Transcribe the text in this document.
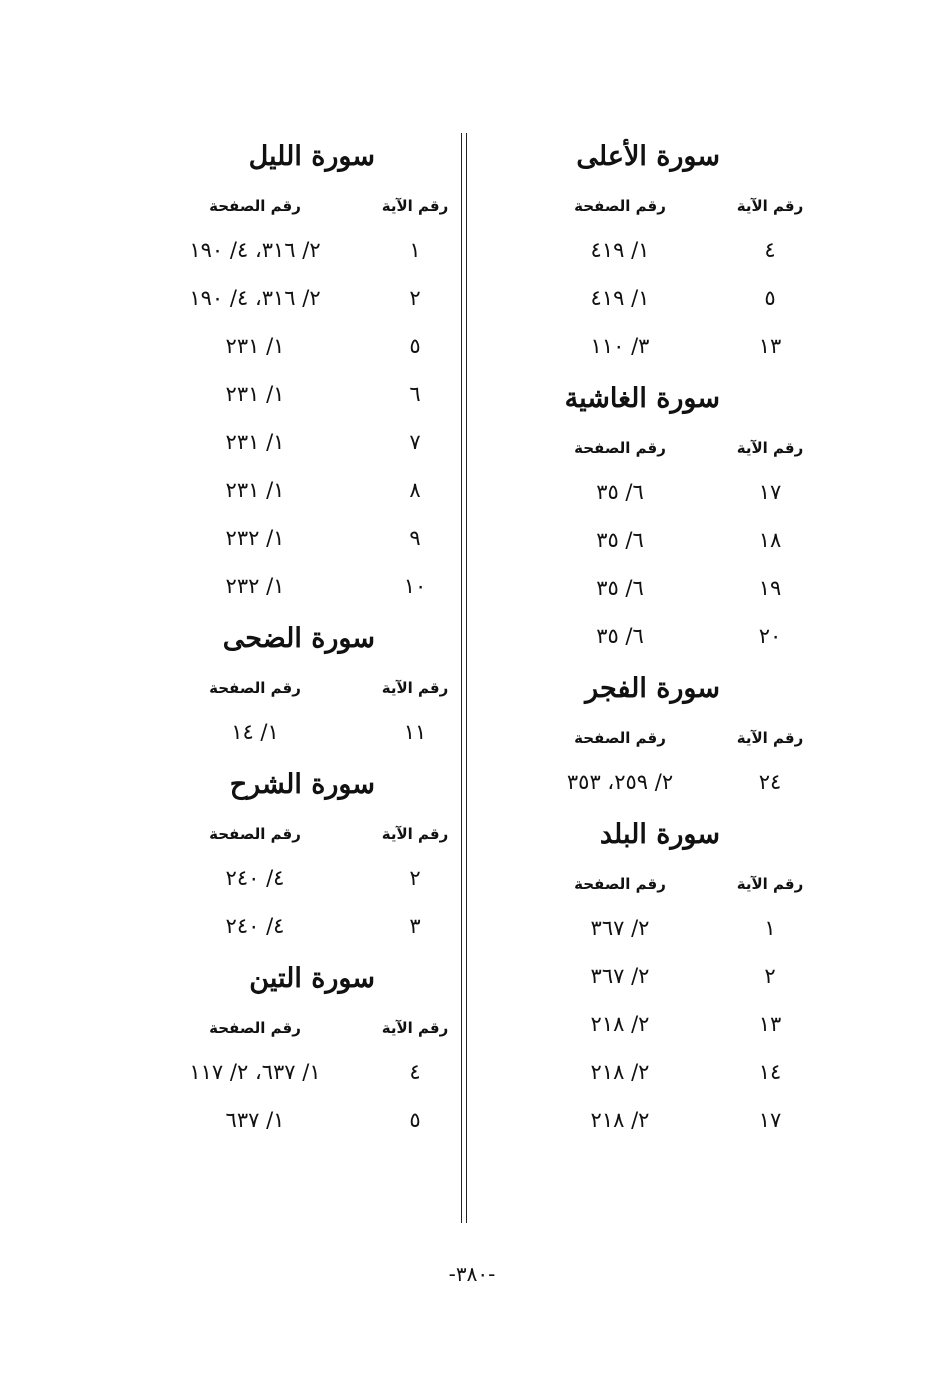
سورة الأعلى
رقم الآية
رقم الصفحة
٤
١/ ٤١٩
٥
١/ ٤١٩
١٣
٣/ ١١٠
سورة الغاشية
رقم الآية
رقم الصفحة
١٧
٦/ ٣٥
١٨
٦/ ٣٥
١٩
٦/ ٣٥
٢٠
٦/ ٣٥
سورة الفجر
رقم الآية
رقم الصفحة
٢٤
٢/ ٢٥٩، ٣٥٣
سورة البلد
رقم الآية
رقم الصفحة
١
٢/ ٣٦٧
٢
٢/ ٣٦٧
١٣
٢/ ٢١٨
١٤
٢/ ٢١٨
١٧
٢/ ٢١٨
سورة الليل
رقم الآية
رقم الصفحة
١
٢/ ٣١٦، ٤/ ١٩٠
٢
٢/ ٣١٦، ٤/ ١٩٠
٥
١/ ٢٣١
٦
١/ ٢٣١
٧
١/ ٢٣١
٨
١/ ٢٣١
٩
١/ ٢٣٢
١٠
١/ ٢٣٢
سورة الضحى
رقم الآية
رقم الصفحة
١١
١/ ١٤
سورة الشرح
رقم الآية
رقم الصفحة
٢
٤/ ٢٤٠
٣
٤/ ٢٤٠
سورة التين
رقم الآية
رقم الصفحة
٤
١/ ٦٣٧، ٢/ ١١٧
٥
١/ ٦٣٧
-٣٨٠-
